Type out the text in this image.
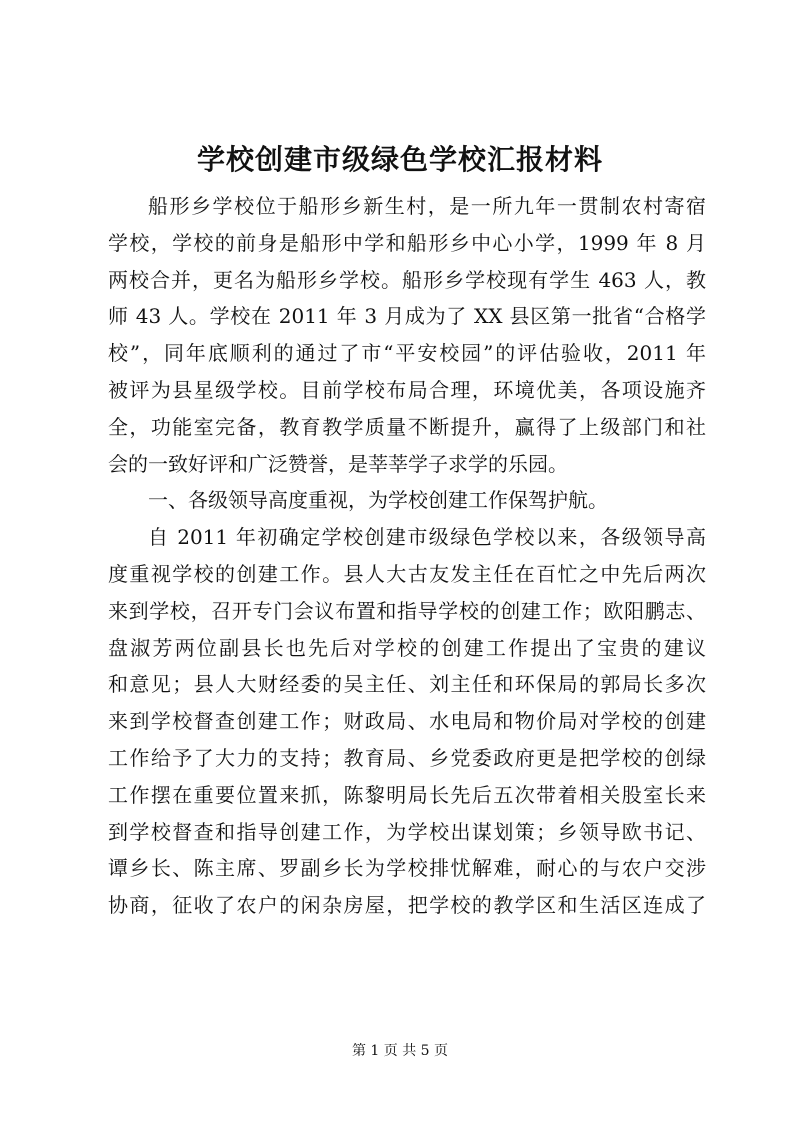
学校创建市级绿色学校汇报材料
船形乡学校位于船形乡新生村，是一所九年一贯制农村寄宿
学校，学校的前身是船形中学和船形乡中心小学，1999 年 8 月
两校合并，更名为船形乡学校。船形乡学校现有学生 463 人，教
师 43 人。学校在 2011 年 3 月成为了 XX 县区第一批省“合格学
校”，同年底顺利的通过了市“平安校园”的评估验收，2011 年
被评为县星级学校。目前学校布局合理，环境优美，各项设施齐
全，功能室完备，教育教学质量不断提升，赢得了上级部门和社
会的一致好评和广泛赞誉，是莘莘学子求学的乐园。
一、各级领导高度重视，为学校创建工作保驾护航。
自 2011 年初确定学校创建市级绿色学校以来，各级领导高
度重视学校的创建工作。县人大古友发主任在百忙之中先后两次
来到学校，召开专门会议布置和指导学校的创建工作；欧阳鹏志、
盘淑芳两位副县长也先后对学校的创建工作提出了宝贵的建议
和意见；县人大财经委的吴主任、刘主任和环保局的郭局长多次
来到学校督查创建工作；财政局、水电局和物价局对学校的创建
工作给予了大力的支持；教育局、乡党委政府更是把学校的创绿
工作摆在重要位置来抓，陈黎明局长先后五次带着相关股室长来
到学校督查和指导创建工作，为学校出谋划策；乡领导欧书记、
谭乡长、陈主席、罗副乡长为学校排忧解难，耐心的与农户交涉
协商，征收了农户的闲杂房屋，把学校的教学区和生活区连成了
第 1 页 共 5 页
